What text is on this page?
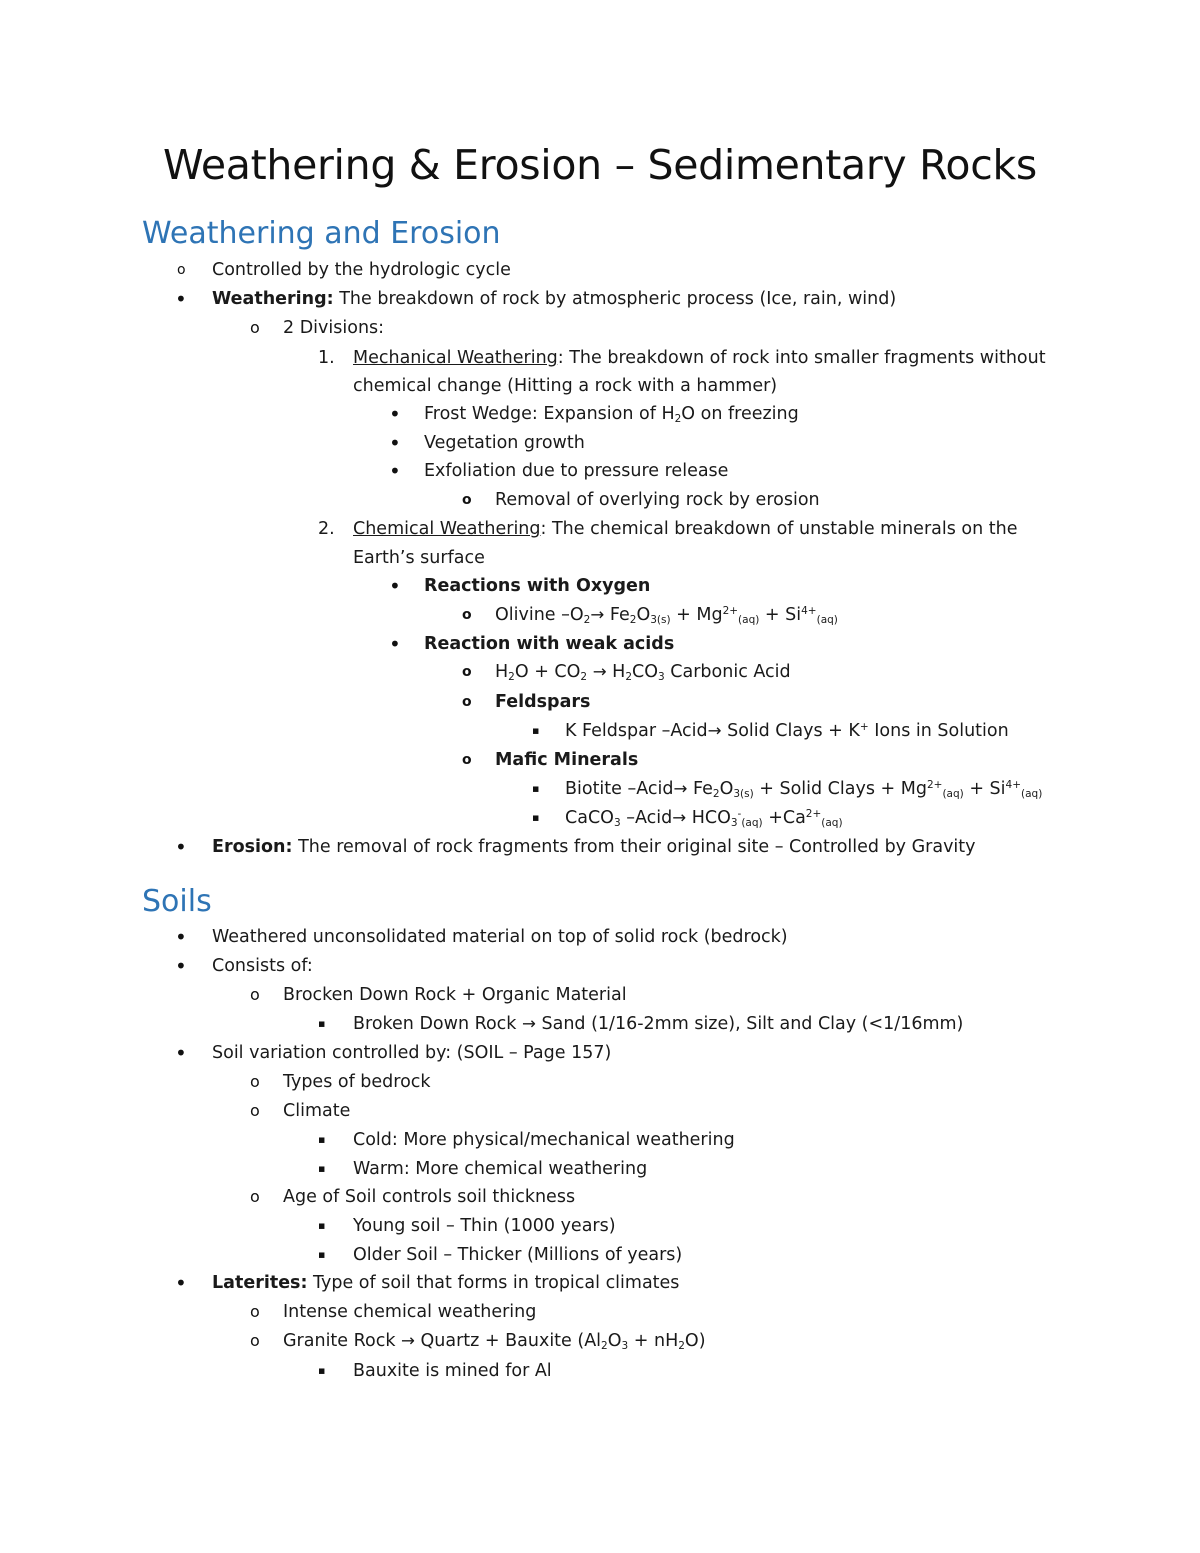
Weathering & Erosion – Sedimentary Rocks
Weathering and Erosion
o Controlled by the hydrologic cycle
• Weathering: The breakdown of rock by atmospheric process (Ice, rain, wind)
o 2 Divisions:
1. Mechanical Weathering: The breakdown of rock into smaller fragments without
chemical change (Hitting a rock with a hammer)
• Frost Wedge: Expansion of $H_2O$ on freezing
• Vegetation growth
• Exfoliation due to pressure release
o Removal of overlying rock by erosion
2. Chemical Weathering: The chemical breakdown of unstable minerals on the
Earth’s surface
• Reactions with Oxygen
o Olivine $-O_2\to Fe_2O_{3(s)} + Mg^{2+}_{(aq)} + Si^{4+}_{(aq)}$
• Reaction with weak acids
o $H_2O + CO_2 \to H_2CO_3$ Carbonic Acid
o Feldspars
▪ K Feldspar –Acid→ Solid Clays + K+ Ions in Solution
o Mafic Minerals
▪ Biotite –Acid→ $Fe_2O_{3(s)}$ + Solid Clays + $Mg^{2+}_{(aq)} + Si^{4+}_{(aq)}$
▪ CaCO$_3$ –Acid→ $HCO_3^-_{(aq)} +Ca^{2+}_{(aq)}$
• Erosion: The removal of rock fragments from their original site – Controlled by Gravity
Soils
• Weathered unconsolidated material on top of solid rock (bedrock)
• Consists of:
o Brocken Down Rock + Organic Material
▪ Broken Down Rock → Sand (1/16-2mm size), Silt and Clay (<1/16mm)
• Soil variation controlled by: (SOIL – Page 157)
o Types of bedrock
o Climate
▪ Cold: More physical/mechanical weathering
▪ Warm: More chemical weathering
o Age of Soil controls soil thickness
▪ Young soil – Thin (1000 years)
▪ Older Soil – Thicker (Millions of years)
• Laterites: Type of soil that forms in tropical climates
o Intense chemical weathering
o Granite Rock → Quartz + Bauxite $(Al_2O_3 + nH_2O)$
▪ Bauxite is mined for Al
